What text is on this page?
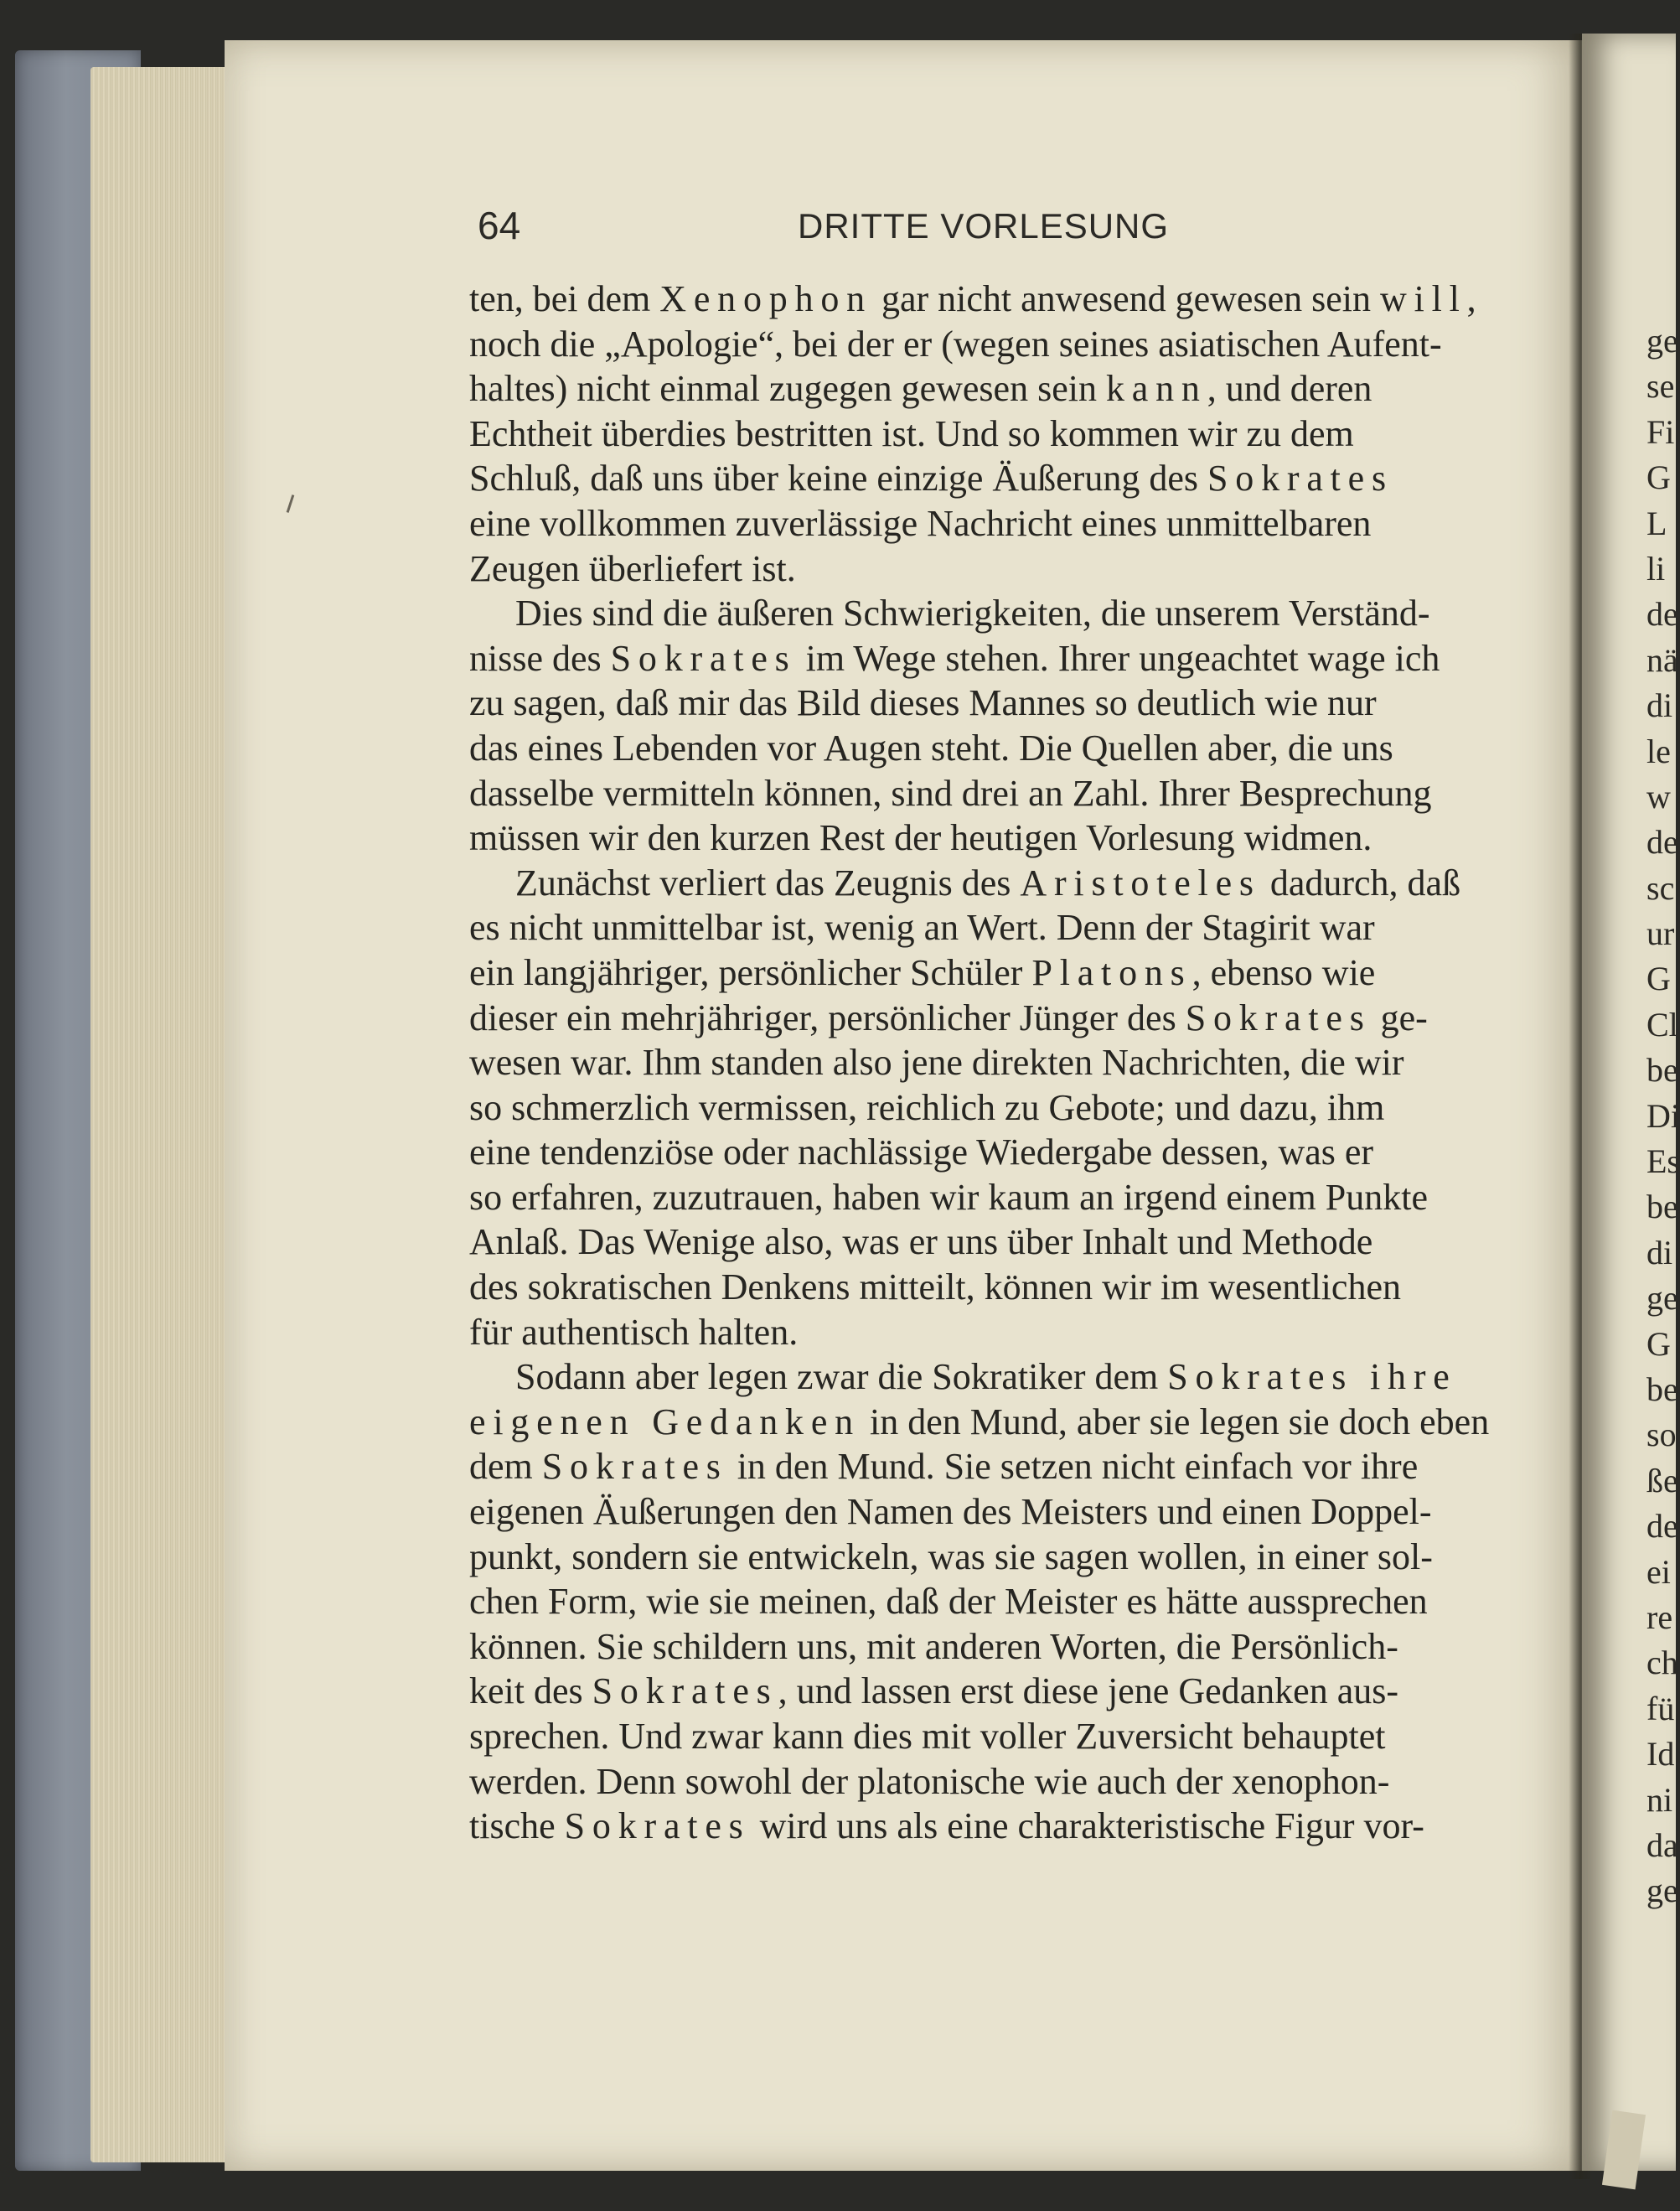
64	DRITTE VORLESUNG
ten, bei dem Xenophon gar nicht anwesend gewesen sein will,
noch die „Apologie“, bei der er (wegen seines asiatischen Aufent-
haltes) nicht einmal zugegen gewesen sein kann, und deren
Echtheit überdies bestritten ist. Und so kommen wir zu dem
Schluß, daß uns über keine einzige Äußerung des Sokrates
eine vollkommen zuverlässige Nachricht eines unmittelbaren
Zeugen überliefert ist.
Dies sind die äußeren Schwierigkeiten, die unserem Verständ-
nisse des Sokrates im Wege stehen. Ihrer ungeachtet wage ich
zu sagen, daß mir das Bild dieses Mannes so deutlich wie nur
das eines Lebenden vor Augen steht. Die Quellen aber, die uns
dasselbe vermitteln können, sind drei an Zahl. Ihrer Besprechung
müssen wir den kurzen Rest der heutigen Vorlesung widmen.
Zunächst verliert das Zeugnis des Aristoteles dadurch, daß
es nicht unmittelbar ist, wenig an Wert. Denn der Stagirit war
ein langjähriger, persönlicher Schüler Platons, ebenso wie
dieser ein mehrjähriger, persönlicher Jünger des Sokrates ge-
wesen war. Ihm standen also jene direkten Nachrichten, die wir
so schmerzlich vermissen, reichlich zu Gebote; und dazu, ihm
eine tendenziöse oder nachlässige Wiedergabe dessen, was er
so erfahren, zuzutrauen, haben wir kaum an irgend einem Punkte
Anlaß. Das Wenige also, was er uns über Inhalt und Methode
des sokratischen Denkens mitteilt, können wir im wesentlichen
für authentisch halten.
Sodann aber legen zwar die Sokratiker dem Sokrates ihre
eigenen Gedanken in den Mund, aber sie legen sie doch eben
dem Sokrates in den Mund. Sie setzen nicht einfach vor ihre
eigenen Äußerungen den Namen des Meisters und einen Doppel-
punkt, sondern sie entwickeln, was sie sagen wollen, in einer sol-
chen Form, wie sie meinen, daß der Meister es hätte aussprechen
können. Sie schildern uns, mit anderen Worten, die Persönlich-
keit des Sokrates, und lassen erst diese jene Gedanken aus-
sprechen. Und zwar kann dies mit voller Zuversicht behauptet
werden. Denn sowohl der platonische wie auch der xenophon-
tische Sokrates wird uns als eine charakteristische Figur vor-
ge
se
Fi
G
L
li
de
nä
di
le
w
de
sc
ur
G
Cl
be
Di
Es
be
di
ge
G
be
so
ße
de
ei
re
ch
fü
Id
ni
da
ge
